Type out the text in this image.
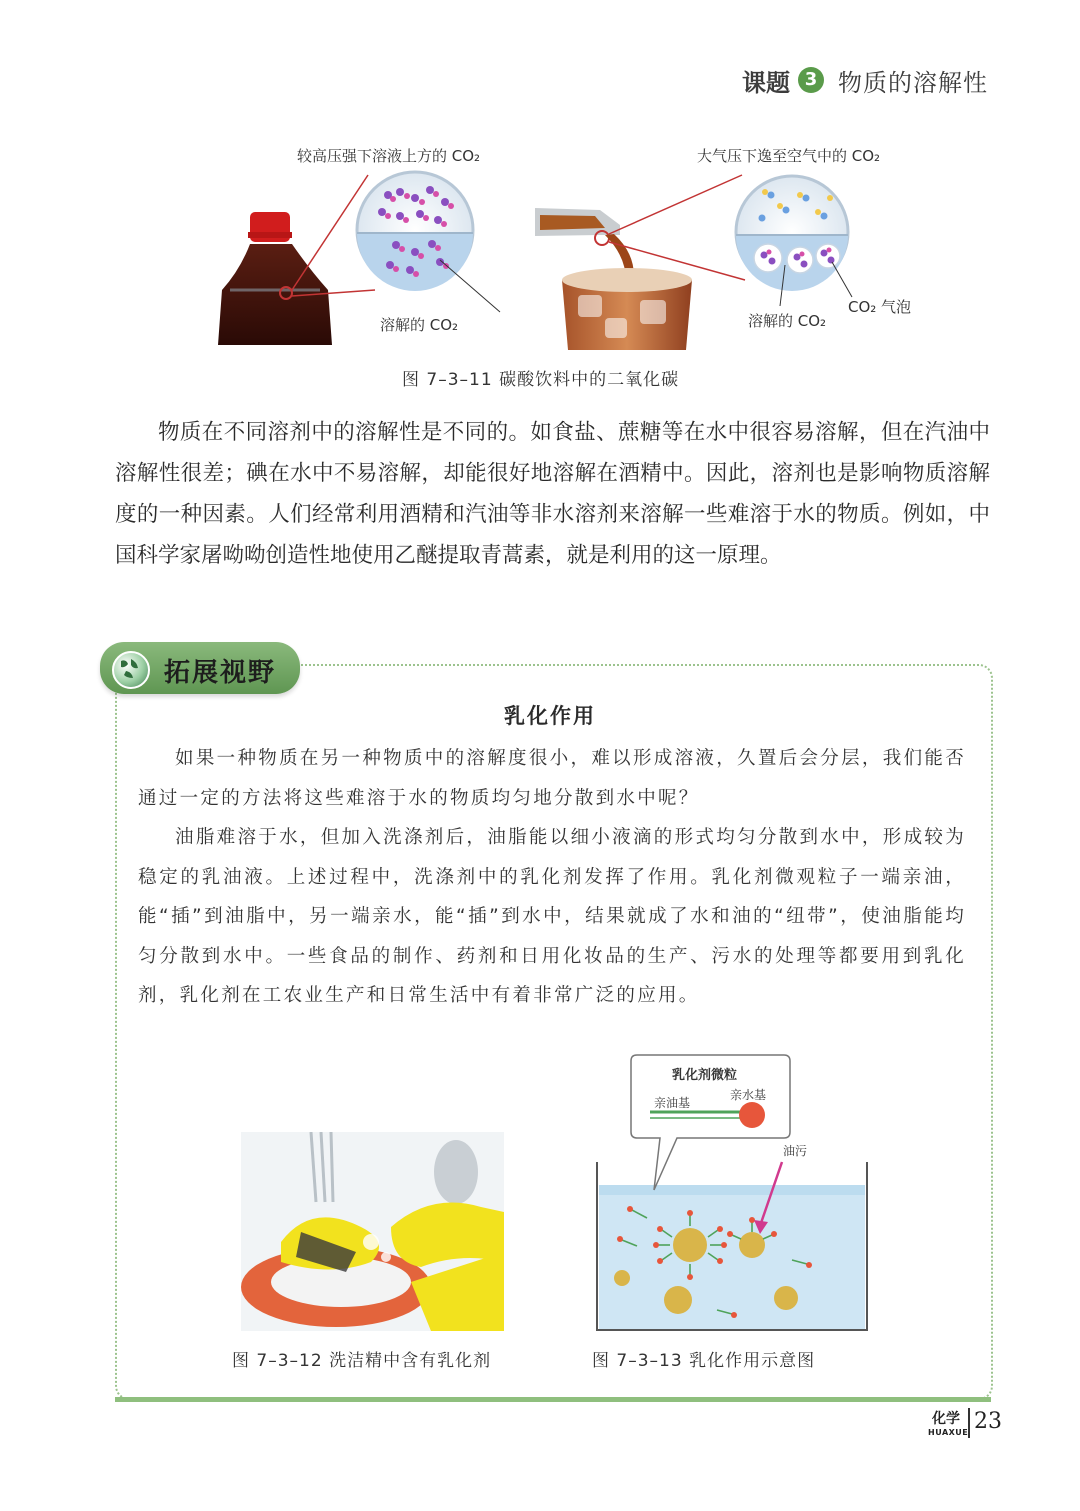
课题 3 物质的溶解性
较高压强下溶液上方的 CO₂
溶解的 CO₂
大气压下逸至空气中的 CO₂
溶解的 CO₂
CO₂ 气泡
图 7–3–11 碳酸饮料中的二氧化碳
物质在不同溶剂中的溶解性是不同的。如食盐、蔗糖等在水中很容易溶解，但在汽油中溶解性很差；碘在水中不易溶解，却能很好地溶解在酒精中。因此，溶剂也是影响物质溶解度的一种因素。人们经常利用酒精和汽油等非水溶剂来溶解一些难溶于水的物质。例如，中国科学家屠呦呦创造性地使用乙醚提取青蒿素，就是利用的这一原理。
拓展视野
乳化作用
如果一种物质在另一种物质中的溶解度很小，难以形成溶液，久置后会分层，我们能否通过一定的方法将这些难溶于水的物质均匀地分散到水中呢？
油脂难溶于水，但加入洗涤剂后，油脂能以细小液滴的形式均匀分散到水中，形成较为稳定的乳油液。上述过程中，洗涤剂中的乳化剂发挥了作用。乳化剂微观粒子一端亲油，能“插”到油脂中，另一端亲水，能“插”到水中，结果就成了水和油的“纽带”，使油脂能均匀分散到水中。一些食品的制作、药剂和日用化妆品的生产、污水的处理等都要用到乳化剂，乳化剂在工农业生产和日常生活中有着非常广泛的应用。
图 7–3–12 洗洁精中含有乳化剂
乳化剂微粒
亲油基
亲水基
油污
图 7–3–13 乳化作用示意图
化学
HUAXUE 23
